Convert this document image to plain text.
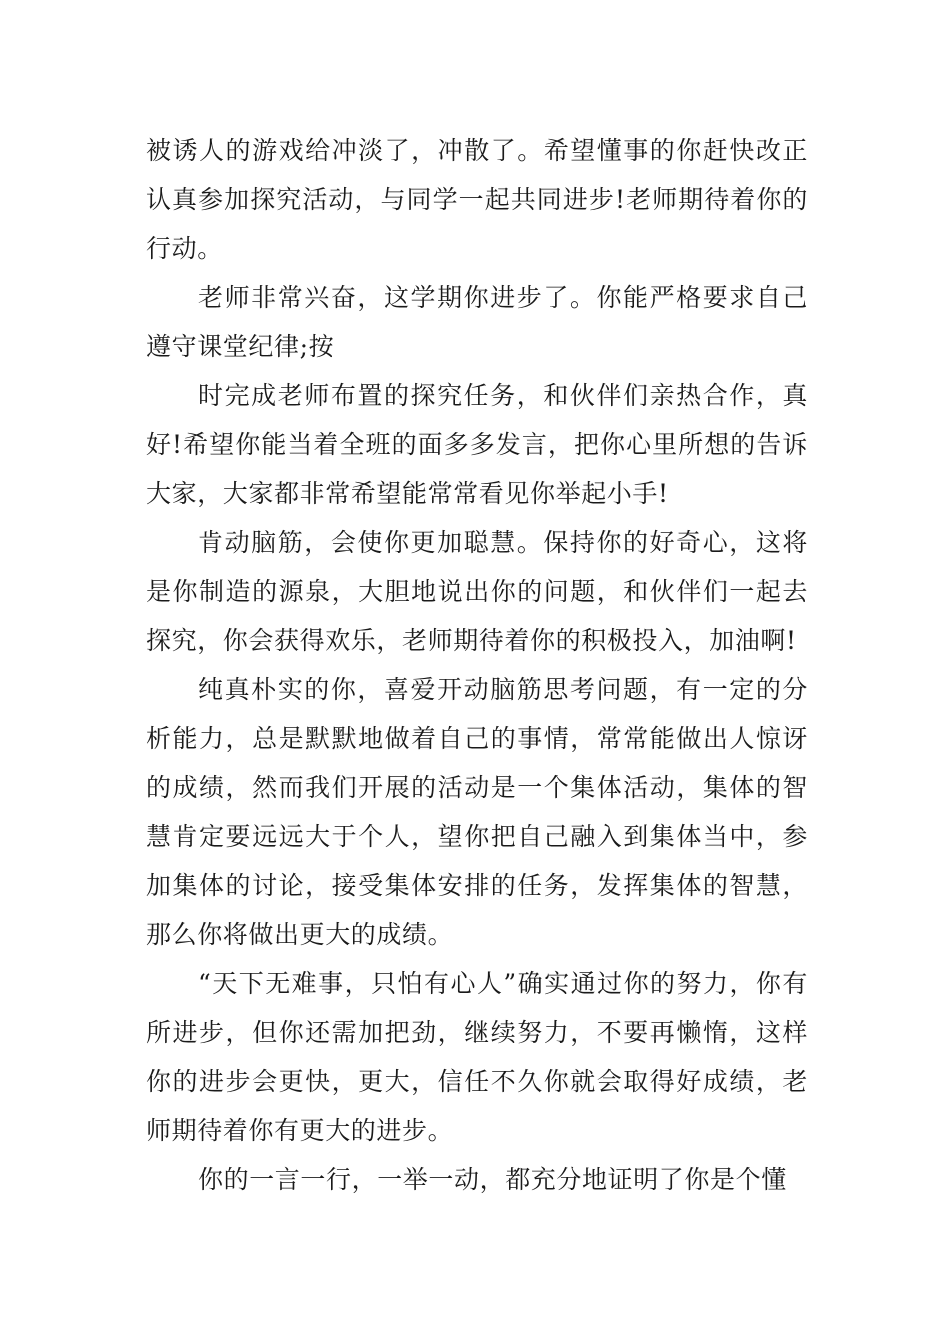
被诱人的游戏给冲淡了，冲散了。希望懂事的你赶快改正认真参加探究活动，与同学一起共同进步!老师期待着你的行动。

老师非常兴奋，这学期你进步了。你能严格要求自己遵守课堂纪律;按

时完成老师布置的探究任务，和伙伴们亲热合作，真好!希望你能当着全班的面多多发言，把你心里所想的告诉大家，大家都非常希望能常常看见你举起小手!

肯动脑筋，会使你更加聪慧。保持你的好奇心，这将是你制造的源泉，大胆地说出你的问题，和伙伴们一起去探究，你会获得欢乐，老师期待着你的积极投入，加油啊!

纯真朴实的你，喜爱开动脑筋思考问题，有一定的分析能力，总是默默地做着自己的事情，常常能做出人惊讶的成绩，然而我们开展的活动是一个集体活动，集体的智慧肯定要远远大于个人，望你把自己融入到集体当中，参加集体的讨论，接受集体安排的任务，发挥集体的智慧，那么你将做出更大的成绩。

“天下无难事，只怕有心人”确实通过你的努力，你有所进步，但你还需加把劲，继续努力，不要再懒惰，这样你的进步会更快，更大，信任不久你就会取得好成绩，老师期待着你有更大的进步。

你的一言一行，一举一动，都充分地证明了你是个懂
